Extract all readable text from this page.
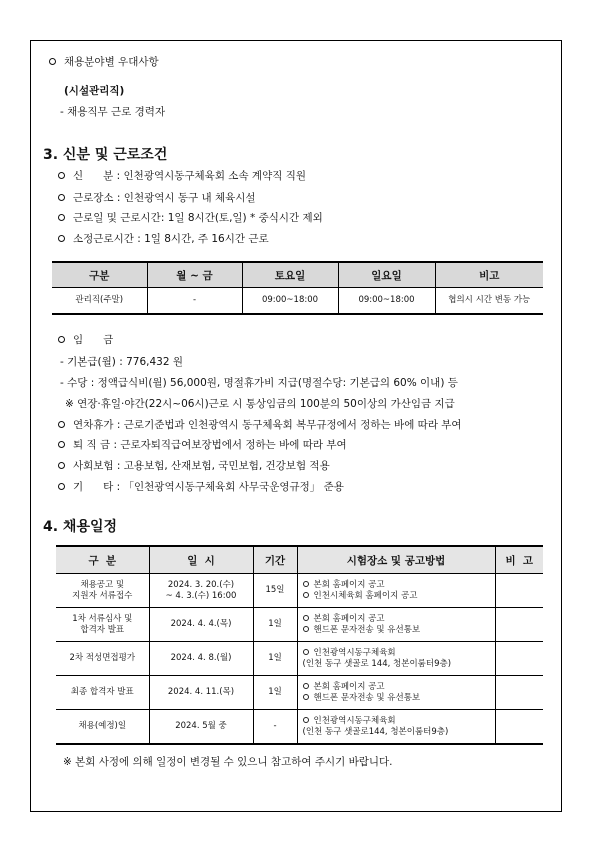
채용분야별 우대사항
(시설관리직)
- 채용직무 근로 경력자
3. 신분 및 근로조건
신      분 : 인천광역시동구체육회 소속 계약직 직원
근로장소 : 인천광역시 동구 내 체육시설
근로일 및 근로시간: 1일 8시간(토,일) * 중식시간 제외
소정근로시간 : 1일 8시간, 주 16시간 근로
구분	월 ~ 금	토요일	일요일	비고
관리직(주말)	-	09:00~18:00	09:00~18:00	협의시 시간 변동 가능
임      금
- 기본급(월) : 776,432 원
- 수당 : 정액급식비(월) 56,000원, 명절휴가비 지급(명절수당: 기본급의 60% 이내) 등
※ 연장·휴일·야간(22시~06시)근로 시 통상임금의 100분의 50이상의 가산임금 지급
연차휴가 : 근로기준법과 인천광역시 동구체육회 복무규정에서 정하는 바에 따라 부여
퇴 직 금 : 근로자퇴직급여보장법에서 정하는 바에 따라 부여
사회보험 : 고용보험, 산재보험, 국민보험, 건강보험 적용
기      타 : 「인천광역시동구체육회 사무국운영규정」 준용
4. 채용일정
구  분	일  시	기간	시험장소 및 공고방법	비  고

채용공고 및
지원자 서류접수	2024. 3. 20.(수)
~ 4. 3.(수) 16:00	15일	본회 홈페이지 공고
인천시체육회 홈페이지 공고	

1차 서류심사 및
합격자 발표	2024. 4. 4.(목)	1일	본회 홈페이지 공고
핸드폰 문자전송 및 유선통보	

2차 적성면접평가	2024. 4. 8.(월)	1일	인천광역시동구체육회
(인천 동구 샛골로 144, 청본이룸터9층)	

최종 합격자 발표	2024. 4. 11.(목)	1일	본회 홈페이지 공고
핸드폰 문자전송 및 유선통보	

채용(예정)일	2024. 5월 중	-	인천광역시동구체육회
(인천 동구 샛골로144, 청본이룸터9층)	

※ 본회 사정에 의해 일정이 변경될 수 있으니 참고하여 주시기 바랍니다.
